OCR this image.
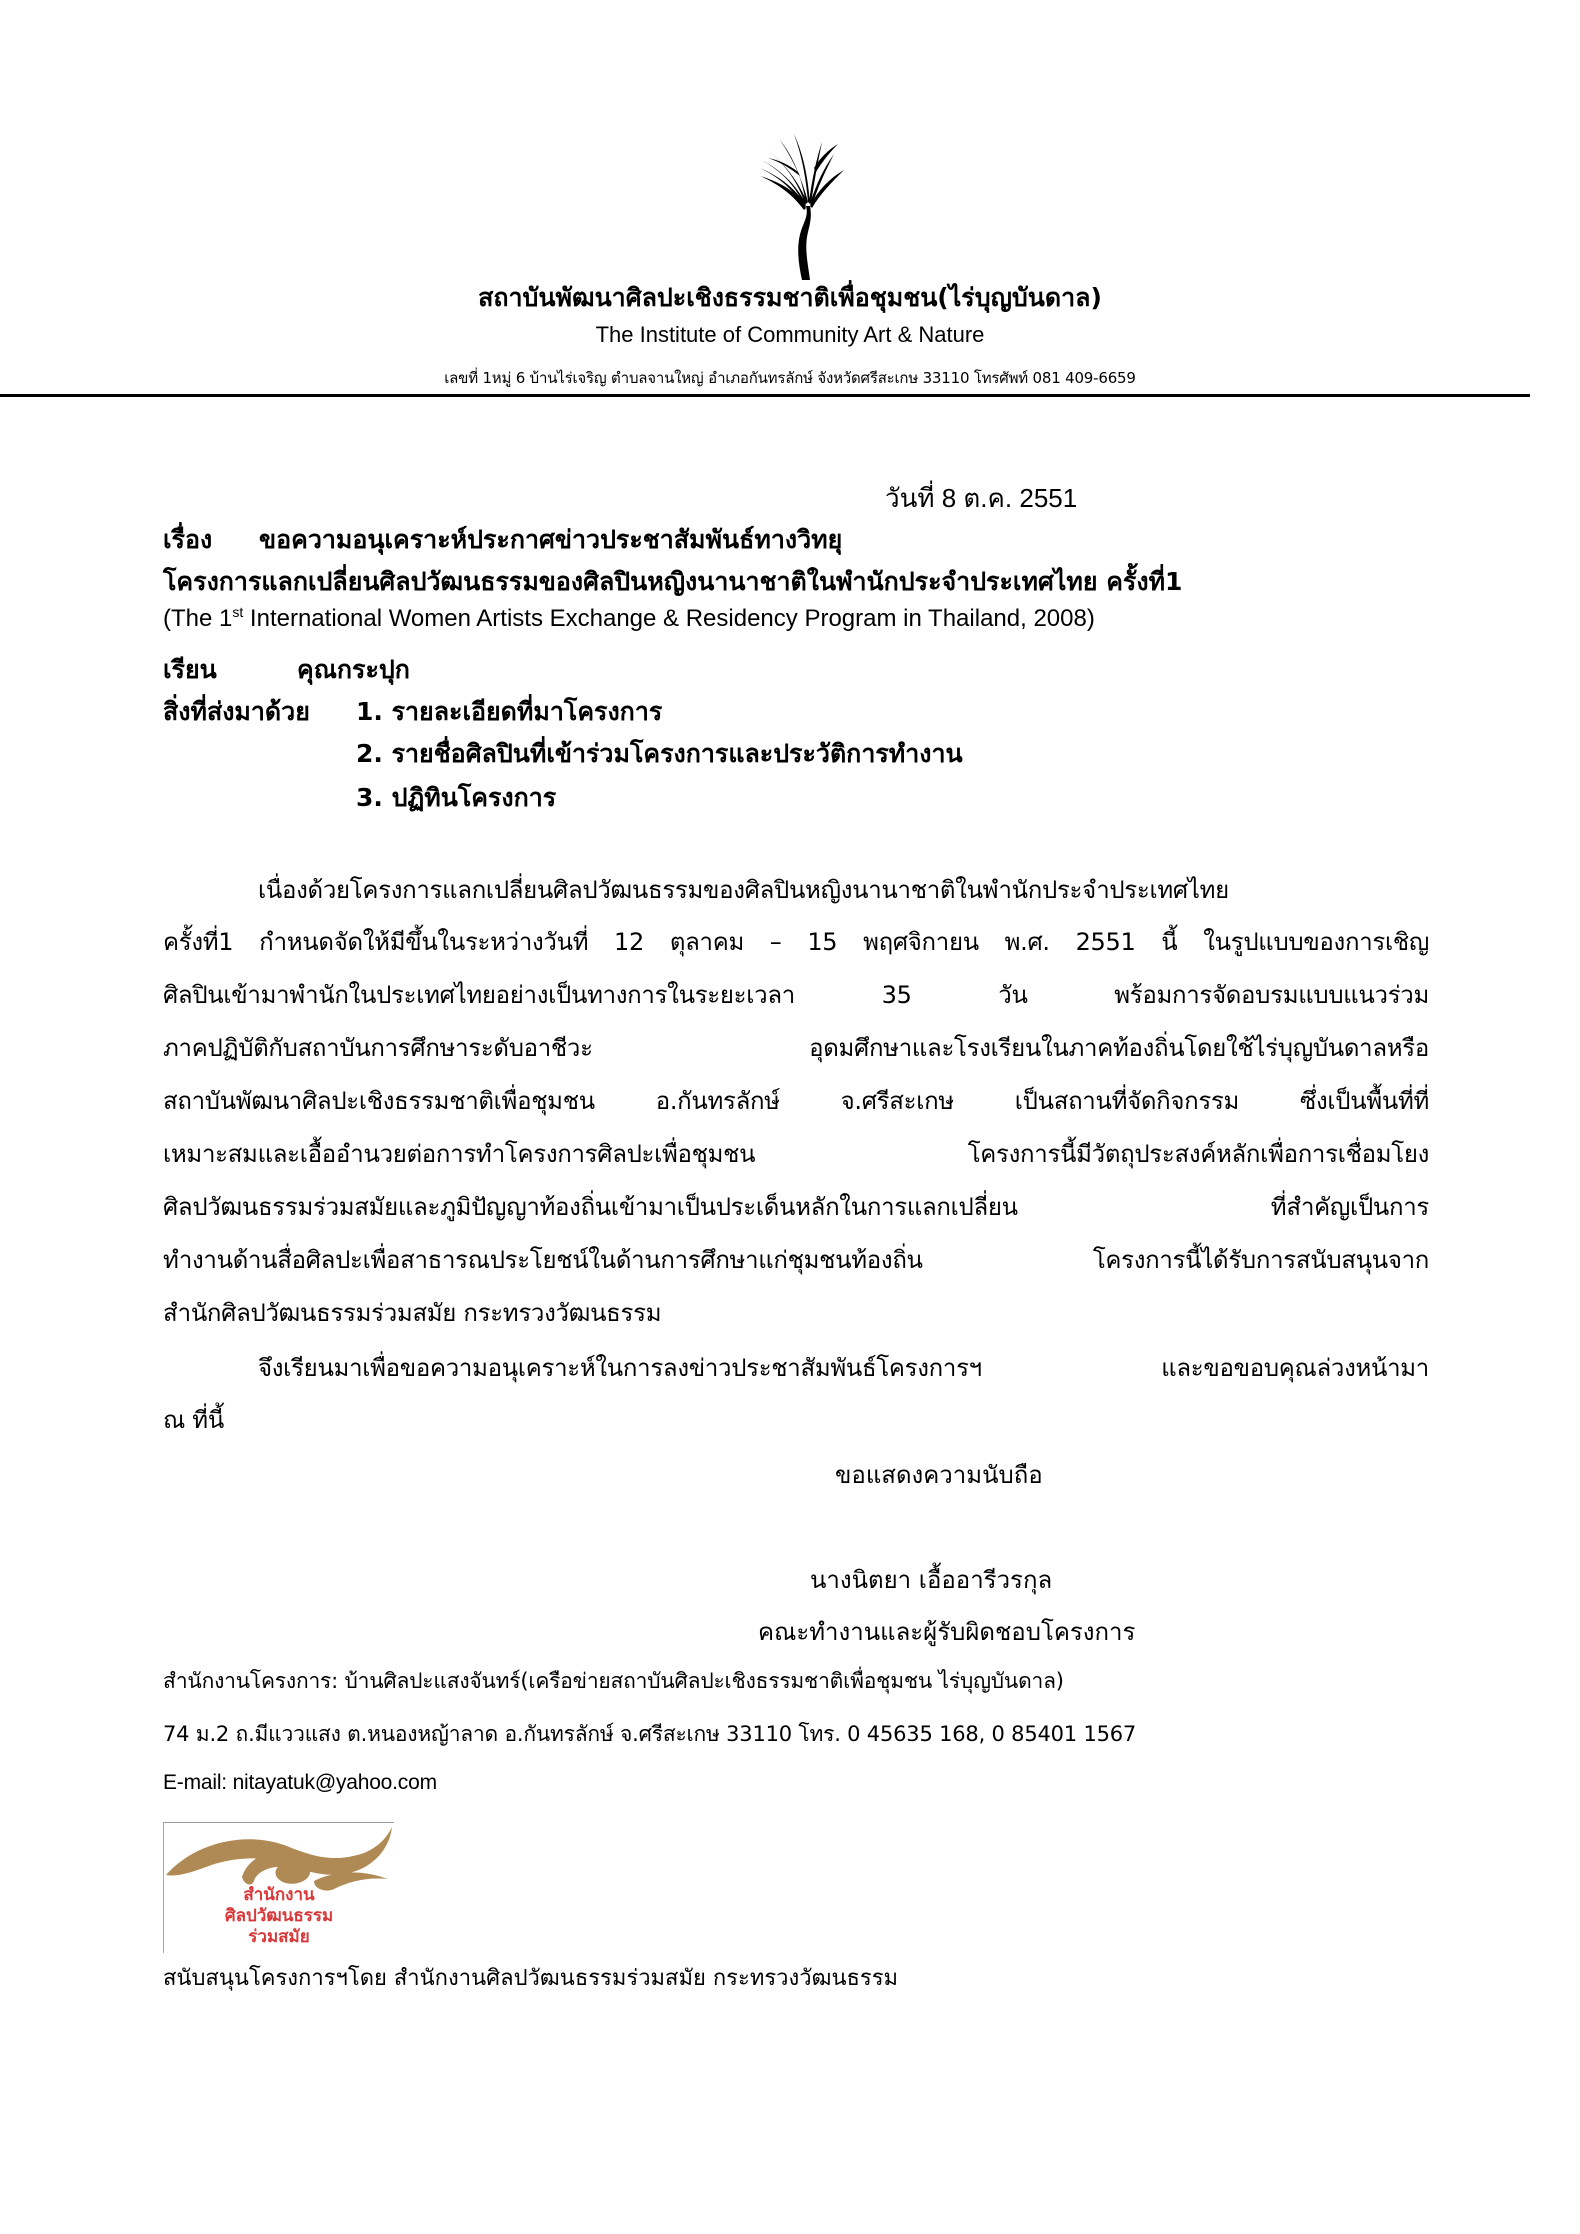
สถาบันพัฒนาศิลปะเชิงธรรมชาติเพื่อชุมชน(ไร่บุญบันดาล)
The Institute of Community Art & Nature
เลขที่ 1หมู่ 6 บ้านไร่เจริญ ตำบลจานใหญ่ อำเภอกันทรลักษ์ จังหวัดศรีสะเกษ 33110 โทรศัพท์ 081 409-6659
วันที่ 8 ต.ค. 2551
เรื่อง ขอความอนุเคราะห์ประกาศข่าวประชาสัมพันธ์ทางวิทยุ
โครงการแลกเปลี่ยนศิลปวัฒนธรรมของศิลปินหญิงนานาชาติในพำนักประจำประเทศไทย ครั้งที่1
(The 1st International Women Artists Exchange & Residency Program in Thailand, 2008)
เรียน	คุณกระปุก
สิ่งที่ส่งมาด้วย 1. รายละเอียดที่มาโครงการ
2. รายชื่อศิลปินที่เข้าร่วมโครงการและประวัติการทำงาน
3. ปฏิทินโครงการ
เนื่องด้วยโครงการแลกเปลี่ยนศิลปวัฒนธรรมของศิลปินหญิงนานาชาติในพำนักประจำประเทศไทย
ครั้งที่1 กำหนดจัดให้มีขึ้นในระหว่างวันที่ 12 ตุลาคม – 15 พฤศจิกายน พ.ศ. 2551 นี้ ในรูปแบบของการเชิญ
ศิลปินเข้ามาพำนักในประเทศไทยอย่างเป็นทางการในระยะเวลา 35 วัน พร้อมการจัดอบรมแบบแนวร่วม
ภาคปฏิบัติกับสถาบันการศึกษาระดับอาชีวะ อุดมศึกษาและโรงเรียนในภาคท้องถิ่นโดยใช้ไร่บุญบันดาลหรือ
สถาบันพัฒนาศิลปะเชิงธรรมชาติเพื่อชุมชน อ.กันทรลักษ์ จ.ศรีสะเกษ เป็นสถานที่จัดกิจกรรม ซึ่งเป็นพื้นที่ที่
เหมาะสมและเอื้ออำนวยต่อการทำโครงการศิลปะเพื่อชุมชน โครงการนี้มีวัตถุประสงค์หลักเพื่อการเชื่อมโยง
ศิลปวัฒนธรรมร่วมสมัยและภูมิปัญญาท้องถิ่นเข้ามาเป็นประเด็นหลักในการแลกเปลี่ยน ที่สำคัญเป็นการ
ทำงานด้านสื่อศิลปะเพื่อสาธารณประโยชน์ในด้านการศึกษาแก่ชุมชนท้องถิ่น โครงการนี้ได้รับการสนับสนุนจาก
สำนักศิลปวัฒนธรรมร่วมสมัย กระทรวงวัฒนธรรม
จึงเรียนมาเพื่อขอความอนุเคราะห์ในการลงข่าวประชาสัมพันธ์โครงการฯ และขอขอบคุณล่วงหน้ามา
ณ ที่นี้
ขอแสดงความนับถือ
นางนิตยา เอื้ออารีวรกุล
คณะทำงานและผู้รับผิดชอบโครงการ
สำนักงานโครงการ: บ้านศิลปะแสงจันทร์(เครือข่ายสถาบันศิลปะเชิงธรรมชาติเพื่อชุมชน ไร่บุญบันดาล)
74 ม.2 ถ.มีแววแสง ต.หนองหญ้าลาด อ.กันทรลักษ์ จ.ศรีสะเกษ 33110 โทร. 0 45635 168, 0 85401 1567
E-mail: nitayatuk@yahoo.com
สำนักงาน
ศิลปวัฒนธรรม
ร่วมสมัย
สนับสนุนโครงการฯโดย สำนักงานศิลปวัฒนธรรมร่วมสมัย กระทรวงวัฒนธรรม
